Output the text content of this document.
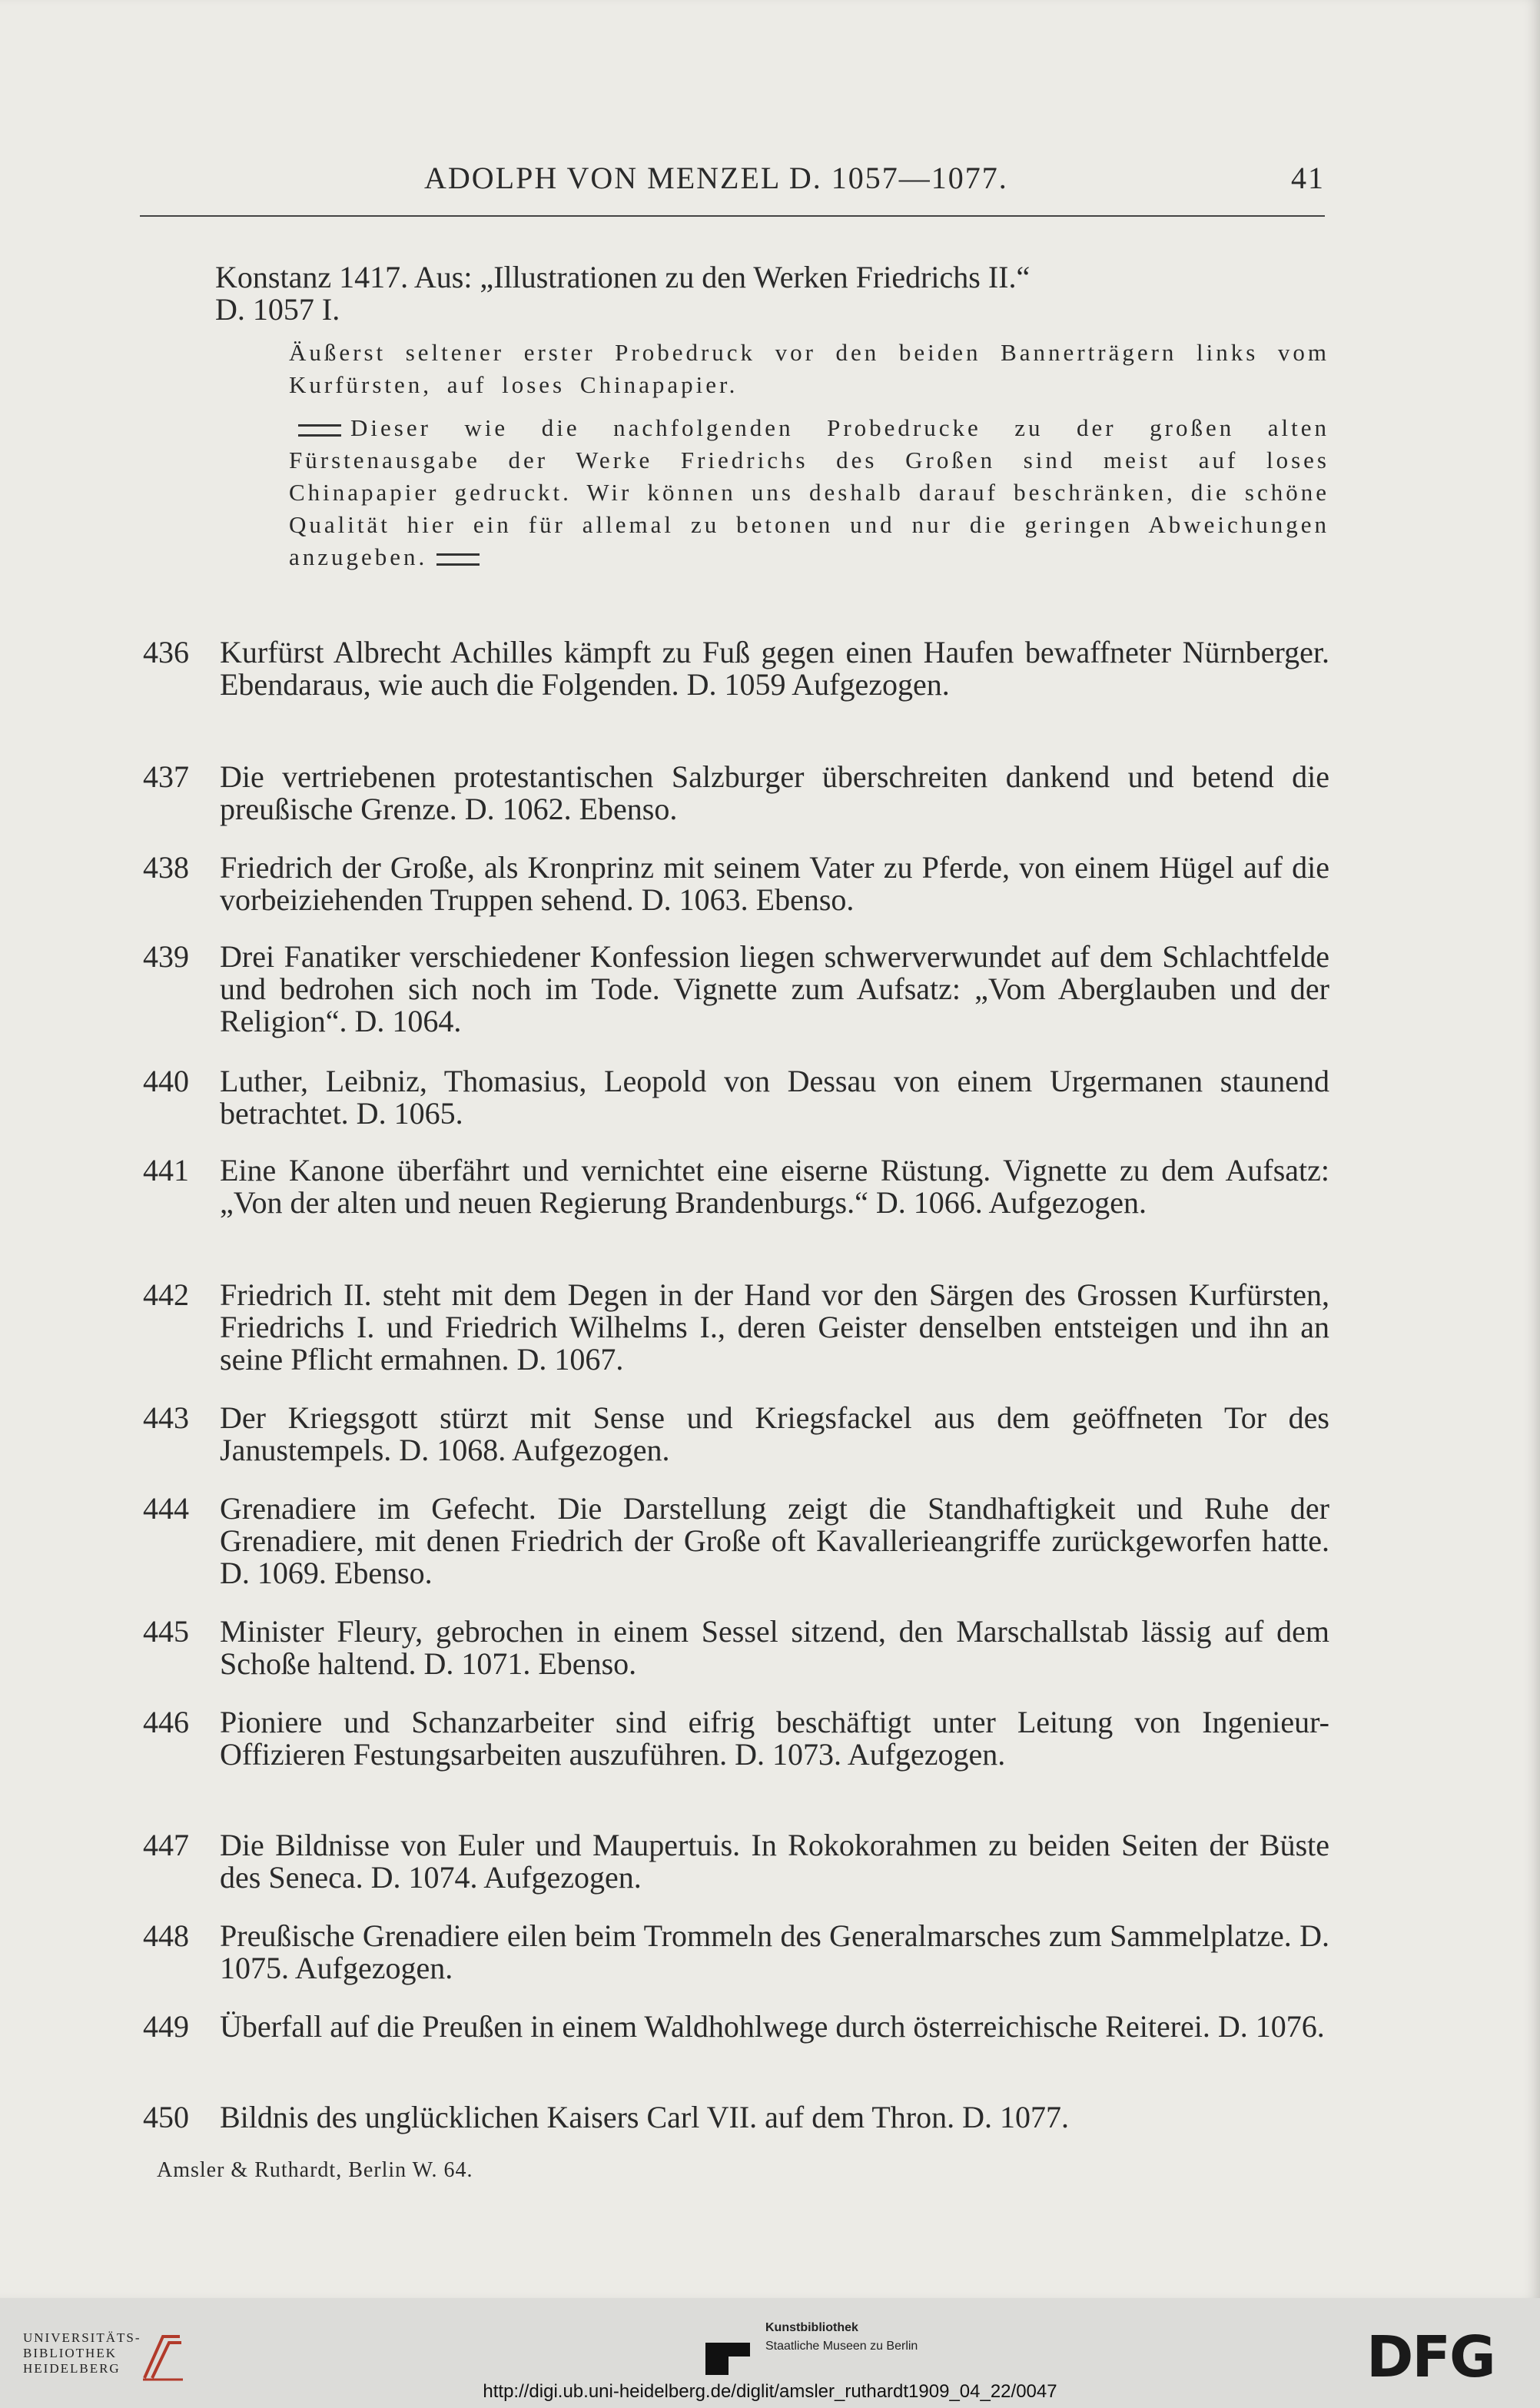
ADOLPH VON MENZEL D. 1057—1077.	41
Konstanz 1417. Aus: „Illustrationen zu den Werken Friedrichs II.“
D. 1057 I.
Äußerst seltener erster Probedruck vor den beiden Bannerträgern links vom Kurfürsten, auf loses Chinapapier.
Dieser wie die nachfolgenden Probedrucke zu der großen alten Fürstenausgabe der Werke Friedrichs des Großen sind meist auf loses Chinapapier gedruckt. Wir können uns deshalb darauf beschränken, die schöne Qualität hier ein für allemal zu betonen und nur die geringen Abweichungen anzugeben.
436	Kurfürst Albrecht Achilles kämpft zu Fuß gegen einen Haufen bewaffneter Nürnberger. Ebendaraus, wie auch die Folgenden. D. 1059 Aufgezogen.
437	Die vertriebenen protestantischen Salzburger überschreiten dankend und betend die preußische Grenze. D. 1062. Ebenso.
438	Friedrich der Große, als Kronprinz mit seinem Vater zu Pferde, von einem Hügel auf die vorbeiziehenden Truppen sehend. D. 1063. Ebenso.
439	Drei Fanatiker verschiedener Konfession liegen schwerverwundet auf dem Schlachtfelde und bedrohen sich noch im Tode. Vignette zum Aufsatz: „Vom Aberglauben und der Religion“. D. 1064.
440	Luther, Leibniz, Thomasius, Leopold von Dessau von einem Urgermanen staunend betrachtet. D. 1065.
441	Eine Kanone überfährt und vernichtet eine eiserne Rüstung. Vignette zu dem Aufsatz: „Von der alten und neuen Regierung Brandenburgs.“ D. 1066. Aufgezogen.
442	Friedrich II. steht mit dem Degen in der Hand vor den Särgen des Grossen Kurfürsten, Friedrichs I. und Friedrich Wilhelms I., deren Geister denselben entsteigen und ihn an seine Pflicht ermahnen. D. 1067.
443	Der Kriegsgott stürzt mit Sense und Kriegsfackel aus dem geöffneten Tor des Janustempels. D. 1068. Aufgezogen.
444	Grenadiere im Gefecht. Die Darstellung zeigt die Standhaftigkeit und Ruhe der Grenadiere, mit denen Friedrich der Große oft Kavallerieangriffe zurückgeworfen hatte. D. 1069. Ebenso.
445	Minister Fleury, gebrochen in einem Sessel sitzend, den Marschallstab lässig auf dem Schoße haltend. D. 1071. Ebenso.
446	Pioniere und Schanzarbeiter sind eifrig beschäftigt unter Leitung von Ingenieur-Offizieren Festungsarbeiten auszuführen. D. 1073. Aufgezogen.
447	Die Bildnisse von Euler und Maupertuis. In Rokokorahmen zu beiden Seiten der Büste des Seneca. D. 1074. Aufgezogen.
448	Preußische Grenadiere eilen beim Trommeln des Generalmarsches zum Sammelplatze. D. 1075. Aufgezogen.
449	Überfall auf die Preußen in einem Waldhohlwege durch österreichische Reiterei. D. 1076.
450	Bildnis des unglücklichen Kaisers Carl VII. auf dem Thron. D. 1077.
Amsler & Ruthardt, Berlin W. 64.
UNIVERSITÄTS-
BIBLIOTHEK
HEIDELBERG
Kunstbibliothek
Staatliche Museen zu Berlin	DFG
http://digi.ub.uni-heidelberg.de/diglit/amsler_ruthardt1909_04_22/0047
